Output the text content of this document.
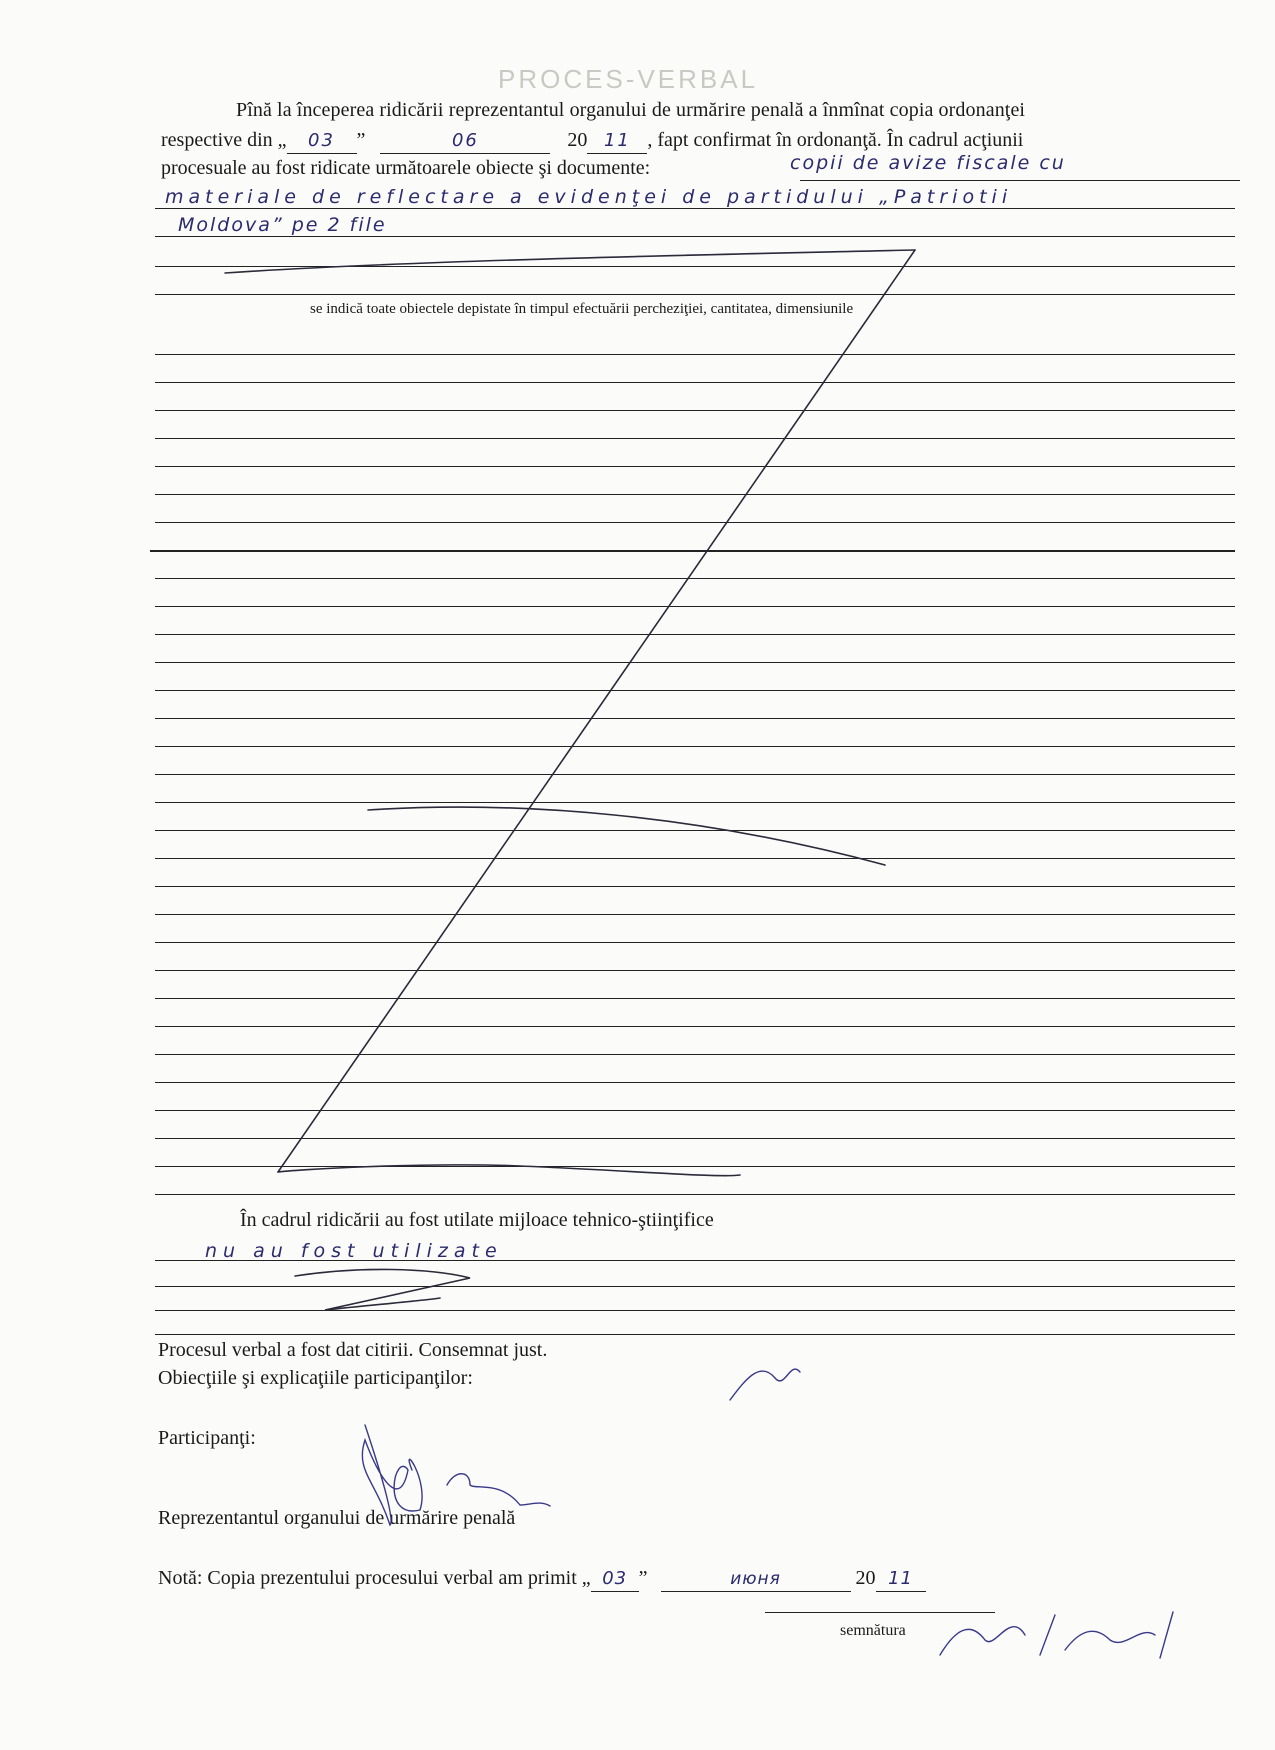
PROCES-VERBAL
Pînă la începerea ridicării reprezentantul organului de urmărire penală a înmînat copia ordonanţei
respective din „ 03 ”	06	20 11 , fapt confirmat în ordonanţă. În cadrul acţiunii
procesuale au fost ridicate următoarele obiecte şi documente:	copii de avize fiscale cu
materiale de reflectare a evidenţei de partidului „Patriotii
Moldova” pe 2 file
se indică toate obiectele depistate în timpul efectuării percheziţiei, cantitatea, dimensiunile
În cadrul ridicării au fost utilate mijloace tehnico-ştiinţifice
nu au fost utilizate
Procesul verbal a fost dat citirii. Consemnat just.
Obiecţiile şi explicaţiile participanţilor:
Participanţi:
Reprezentantul organului de urmărire penală
Notă: Copia prezentului procesului verbal am primit „ 03 ”	июня	20 11
semnătura
